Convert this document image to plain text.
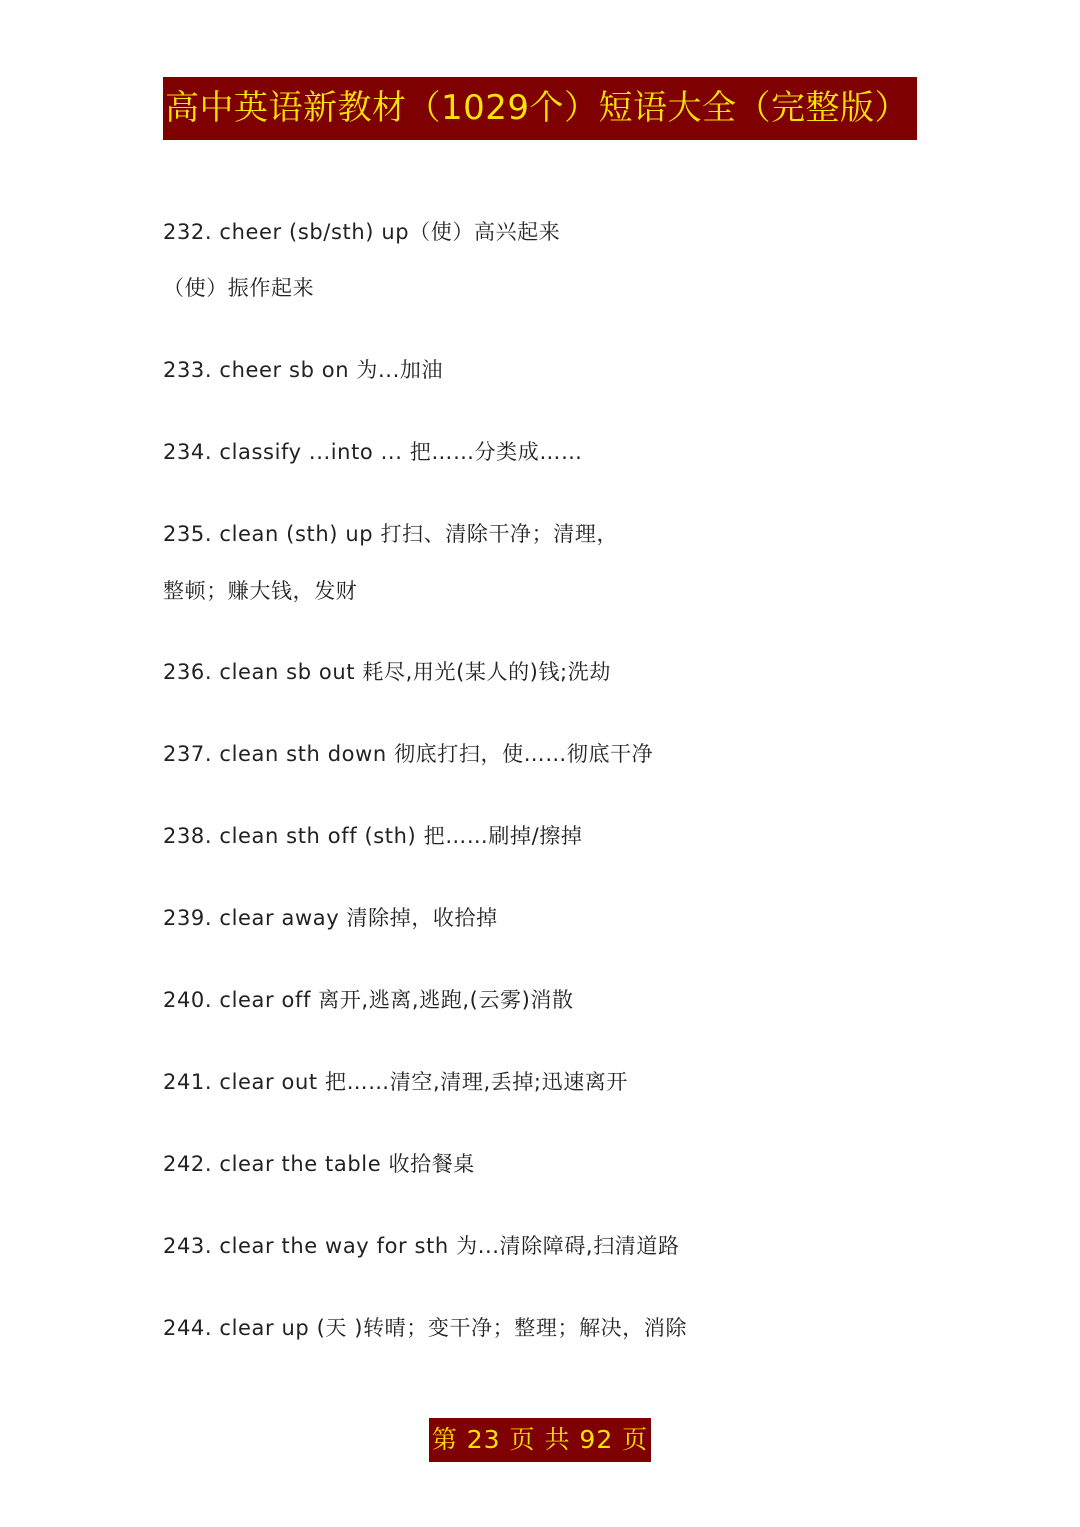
高中英语新教材（1029个）短语大全（完整版）
232. cheer (sb/sth) up（使）高兴起来
（使）振作起来
233. cheer sb on 为...加油
234. classify ...into ... 把……分类成……
235. clean (sth) up 打扫、清除干净；清理，
整顿；赚大钱，发财
236. clean sb out 耗尽,用光(某人的)钱;洗劫
237. clean sth down 彻底打扫，使……彻底干净
238. clean sth off (sth) 把……刷掉/擦掉
239. clear away 清除掉，收拾掉
240. clear off 离开,逃离,逃跑,(云雾)消散
241. clear out 把……清空,清理,丢掉;迅速离开
242. clear the table 收拾餐桌
243. clear the way for sth 为...清除障碍,扫清道路
244. clear up (天 )转晴；变干净；整理；解决，消除
第 23 页 共 92 页
